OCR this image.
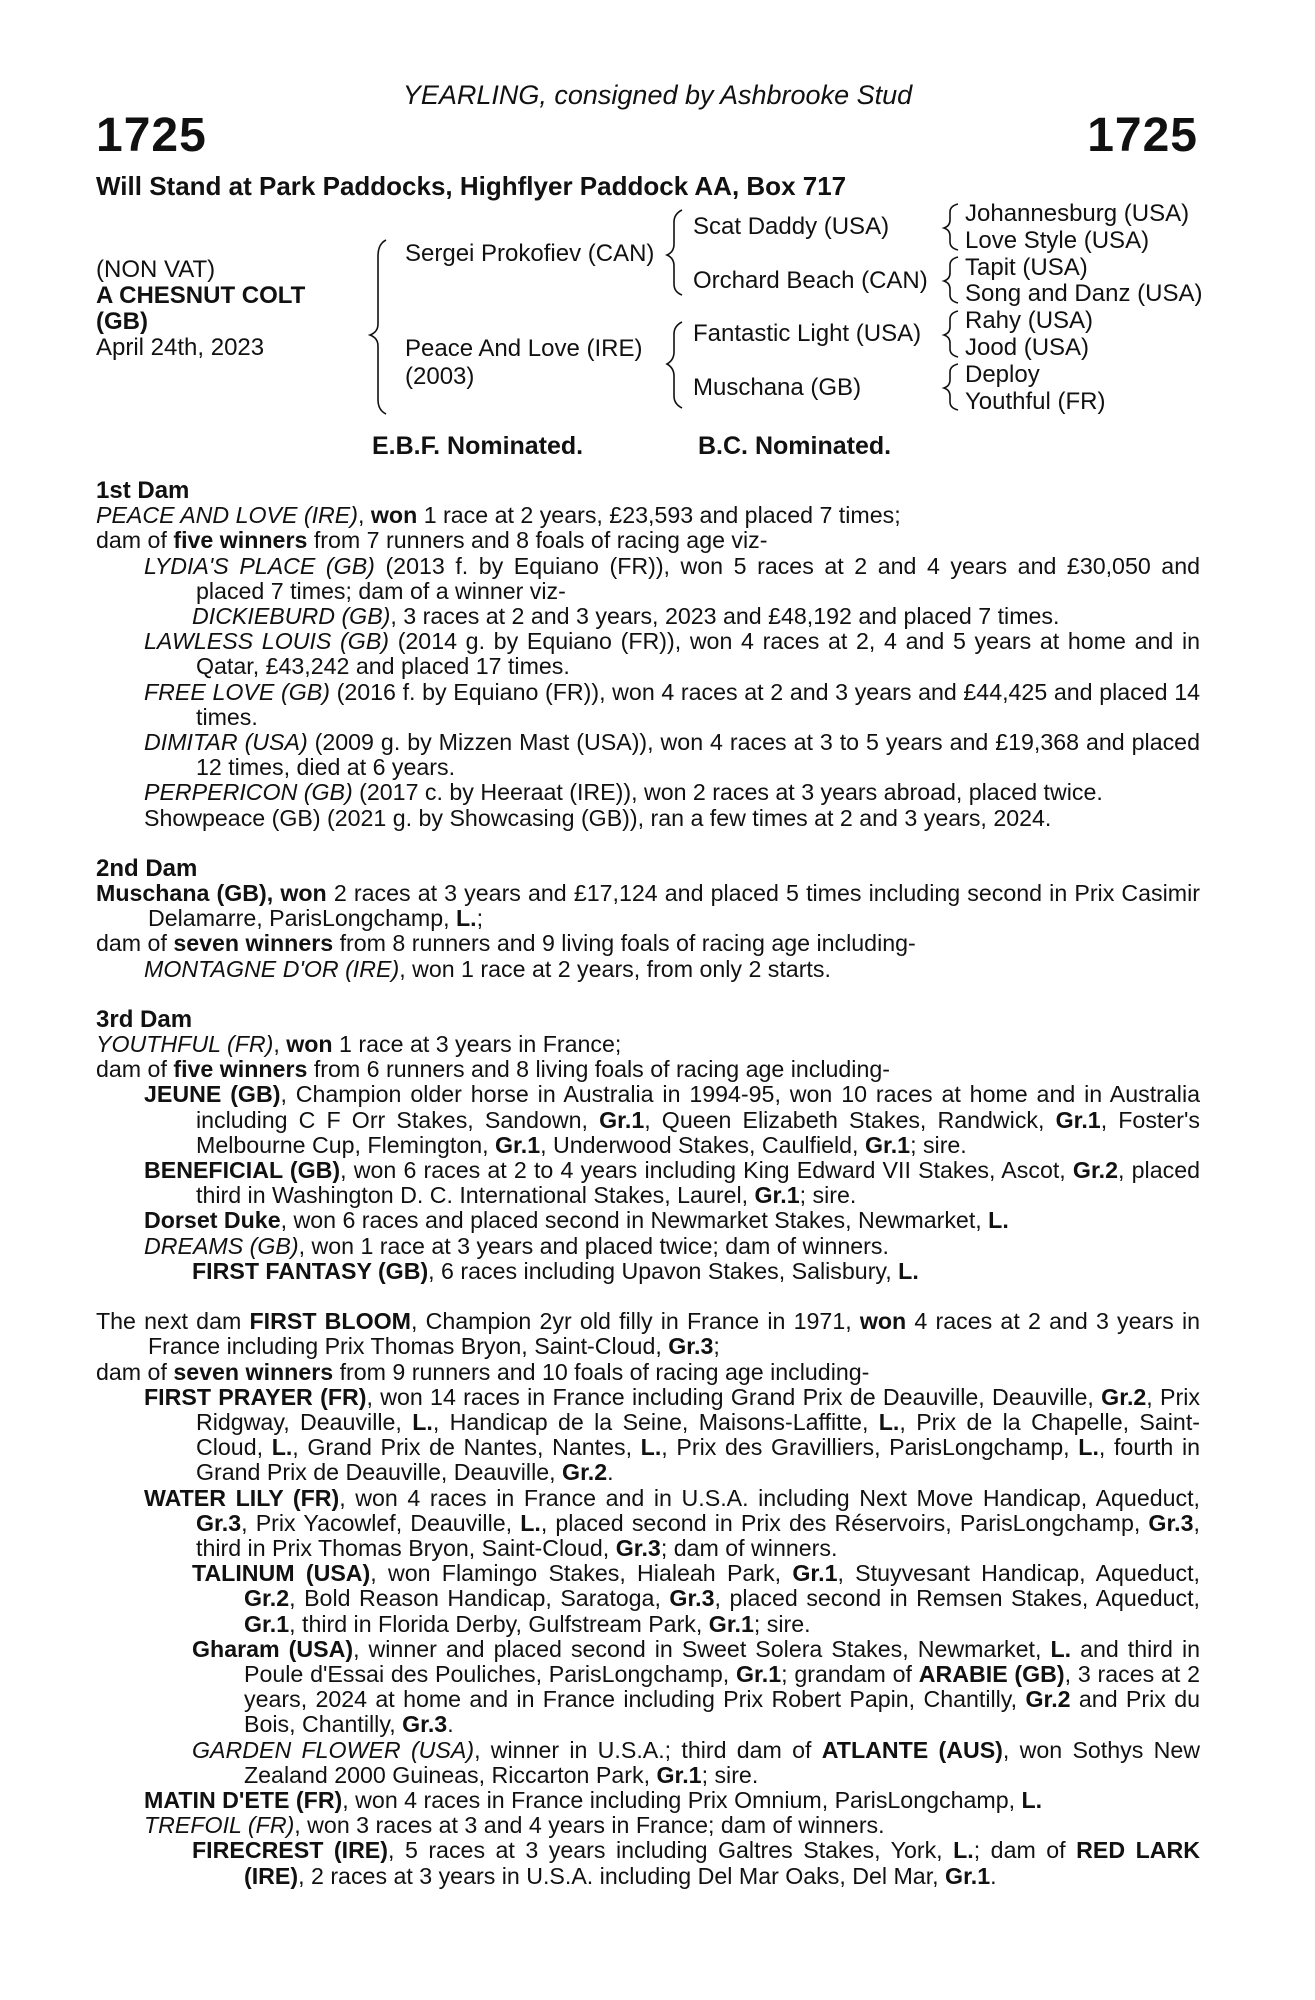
YEARLING, consigned by Ashbrooke Stud
1725	1725
Will Stand at Park Paddocks, Highflyer Paddock AA, Box 717
(NON VAT)
A CHESNUT COLT
(GB)
April 24th, 2023
Sergei Prokofiev (CAN)
Peace And Love (IRE)
(2003)
Scat Daddy (USA)
Orchard Beach (CAN)
Fantastic Light (USA)
Muschana (GB)
Johannesburg (USA)
Love Style (USA)
Tapit (USA)
Song and Danz (USA)
Rahy (USA)
Jood (USA)
Deploy
Youthful (FR)
E.B.F. Nominated.	B.C. Nominated.
1st Dam

PEACE AND LOVE (IRE), won 1 race at 2 years, £23,593 and placed 7 times;

dam of five winners from 7 runners and 8 foals of racing age viz-

LYDIA'S PLACE (GB) (2013 f. by Equiano (FR)), won 5 races at 2 and 4 years and £30,050 and placed 7 times; dam of a winner viz-

DICKIEBURD (GB), 3 races at 2 and 3 years, 2023 and £48,192 and placed 7 times.

LAWLESS LOUIS (GB) (2014 g. by Equiano (FR)), won 4 races at 2, 4 and 5 years at home and in Qatar, £43,242 and placed 17 times.

FREE LOVE (GB) (2016 f. by Equiano (FR)), won 4 races at 2 and 3 years and £44,425 and placed 14 times.

DIMITAR (USA) (2009 g. by Mizzen Mast (USA)), won 4 races at 3 to 5 years and £19,368 and placed 12 times, died at 6 years.

PERPERICON (GB) (2017 c. by Heeraat (IRE)), won 2 races at 3 years abroad, placed twice.

Showpeace (GB) (2021 g. by Showcasing (GB)), ran a few times at 2 and 3 years, 2024.

2nd Dam

Muschana (GB), won 2 races at 3 years and £17,124 and placed 5 times including second in Prix Casimir Delamarre, ParisLongchamp, L.;

dam of seven winners from 8 runners and 9 living foals of racing age including-

MONTAGNE D'OR (IRE), won 1 race at 2 years, from only 2 starts.

3rd Dam

YOUTHFUL (FR), won 1 race at 3 years in France;

dam of five winners from 6 runners and 8 living foals of racing age including-

JEUNE (GB), Champion older horse in Australia in 1994-95, won 10 races at home and in Australia including C F Orr Stakes, Sandown, Gr.1, Queen Elizabeth Stakes, Randwick, Gr.1, Foster's Melbourne Cup, Flemington, Gr.1, Underwood Stakes, Caulfield, Gr.1; sire.

BENEFICIAL (GB), won 6 races at 2 to 4 years including King Edward VII Stakes, Ascot, Gr.2, placed third in Washington D. C. International Stakes, Laurel, Gr.1; sire.

Dorset Duke, won 6 races and placed second in Newmarket Stakes, Newmarket, L.

DREAMS (GB), won 1 race at 3 years and placed twice; dam of winners.

FIRST FANTASY (GB), 6 races including Upavon Stakes, Salisbury, L.

The next dam FIRST BLOOM, Champion 2yr old filly in France in 1971, won 4 races at 2 and 3 years in France including Prix Thomas Bryon, Saint-Cloud, Gr.3;

dam of seven winners from 9 runners and 10 foals of racing age including-

FIRST PRAYER (FR), won 14 races in France including Grand Prix de Deauville, Deauville, Gr.2, Prix Ridgway, Deauville, L., Handicap de la Seine, Maisons-Laffitte, L., Prix de la Chapelle, Saint-Cloud, L., Grand Prix de Nantes, Nantes, L., Prix des Gravilliers, ParisLongchamp, L., fourth in Grand Prix de Deauville, Deauville, Gr.2.

WATER LILY (FR), won 4 races in France and in U.S.A. including Next Move Handicap, Aqueduct, Gr.3, Prix Yacowlef, Deauville, L., placed second in Prix des Réservoirs, ParisLongchamp, Gr.3, third in Prix Thomas Bryon, Saint-Cloud, Gr.3; dam of winners.

TALINUM (USA), won Flamingo Stakes, Hialeah Park, Gr.1, Stuyvesant Handicap, Aqueduct, Gr.2, Bold Reason Handicap, Saratoga, Gr.3, placed second in Remsen Stakes, Aqueduct, Gr.1, third in Florida Derby, Gulfstream Park, Gr.1; sire.

Gharam (USA), winner and placed second in Sweet Solera Stakes, Newmarket, L. and third in Poule d'Essai des Pouliches, ParisLongchamp, Gr.1; grandam of ARABIE (GB), 3 races at 2 years, 2024 at home and in France including Prix Robert Papin, Chantilly, Gr.2 and Prix du Bois, Chantilly, Gr.3.

GARDEN FLOWER (USA), winner in U.S.A.; third dam of ATLANTE (AUS), won Sothys New Zealand 2000 Guineas, Riccarton Park, Gr.1; sire.

MATIN D'ETE (FR), won 4 races in France including Prix Omnium, ParisLongchamp, L.

TREFOIL (FR), won 3 races at 3 and 4 years in France; dam of winners.

FIRECREST (IRE), 5 races at 3 years including Galtres Stakes, York, L.; dam of RED LARK (IRE), 2 races at 3 years in U.S.A. including Del Mar Oaks, Del Mar, Gr.1.
